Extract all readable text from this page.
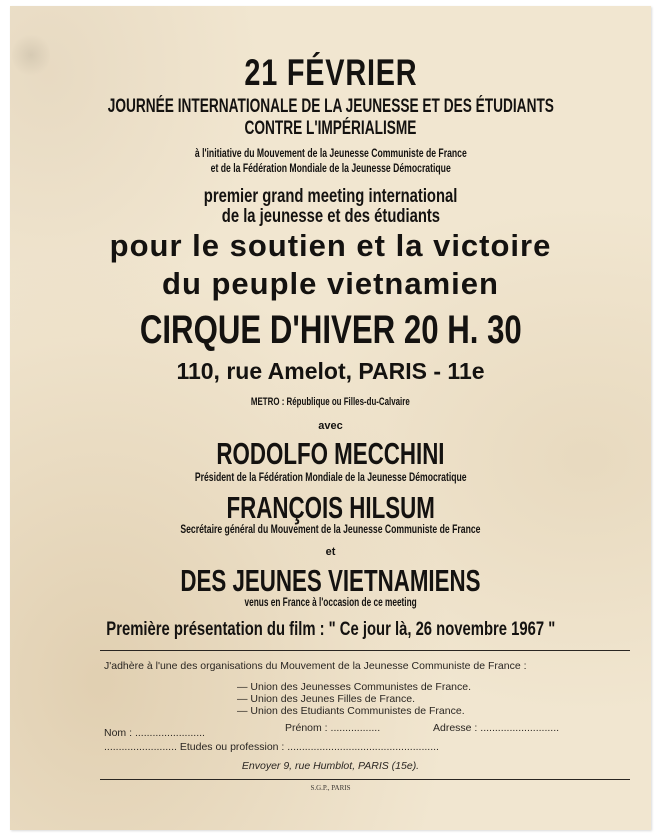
21 FÉVRIER
JOURNÉE INTERNATIONALE DE LA JEUNESSE ET DES ÉTUDIANTS
CONTRE L'IMPÉRIALISME
à l'initiative du Mouvement de la Jeunesse Communiste de France
et de la Fédération Mondiale de la Jeunesse Démocratique
premier grand meeting international
de la jeunesse et des étudiants
pour le soutien et la victoire
du peuple vietnamien
CIRQUE D'HIVER 20 H. 30
110, rue Amelot, PARIS - 11e
METRO : République ou Filles-du-Calvaire
avec
RODOLFO MECCHINI
Président de la Fédération Mondiale de la Jeunesse Démocratique
FRANÇOIS HILSUM
Secrétaire général du Mouvement de la Jeunesse Communiste de France
et
DES JEUNES VIETNAMIENS
venus en France à l'occasion de ce meeting
Première présentation du film : " Ce jour là, 26 novembre 1967 "
J'adhère à l'une des organisations du Mouvement de la Jeunesse Communiste de France :
— Union des Jeunesses Communistes de France.
— Union des Jeunes Filles de France.
— Union des Etudiants Communistes de France.
Nom : ........................	Prénom : .................	Adresse : ...........................
......................... Etudes ou profession : ....................................................
Envoyer 9, rue Humblot, PARIS (15e).
S.G.P., PARIS
